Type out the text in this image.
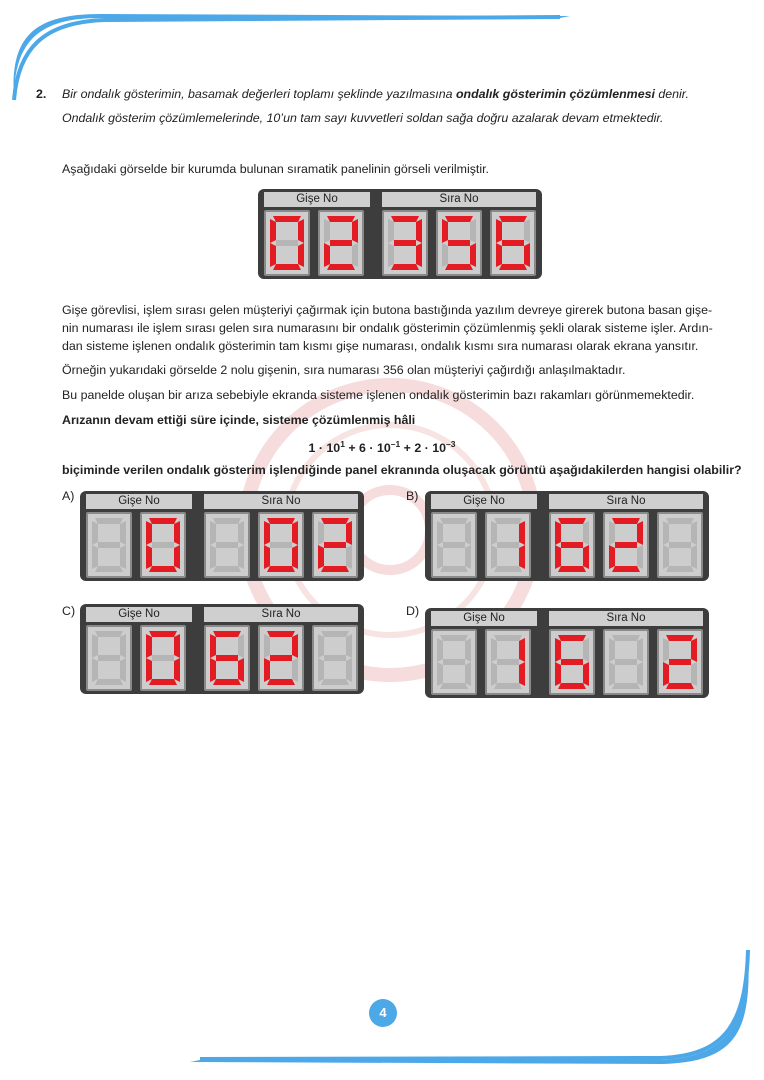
2. Bir ondalık gösterimin, basamak değerleri toplamı şeklinde yazılmasına ondalık gösterimin çözümlenmesi denir.
Ondalık gösterim çözümlemelerinde, 10’un tam sayı kuvvetleri soldan sağa doğru azalarak devam etmektedir.
Aşağıdaki görselde bir kurumda bulunan sıramatik panelinin görseli verilmiştir.
Gişe No	Sıra No
Gişe görevlisi, işlem sırası gelen müşteriyi çağırmak için butona bastığında yazılım devreye girerek butona basan gişe-
nin numarası ile işlem sırası gelen sıra numarasını bir ondalık gösterimin çözümlenmiş şekli olarak sisteme işler. Ardın-
dan sisteme işlenen ondalık gösterimin tam kısmı gişe numarası, ondalık kısmı sıra numarası olarak ekrana yansıtır.
Örneğin yukarıdaki görselde 2 nolu gişenin, sıra numarası 356 olan müşteriyi çağırdığı anlaşılmaktadır.
Bu panelde oluşan bir arıza sebebiyle ekranda sisteme işlenen ondalık gösterimin bazı rakamları görünmemektedir.
Arızanın devam ettiği süre içinde, sisteme çözümlenmiş hâli
$1 \cdot 10^1 + 6 \cdot 10^{-1} + 2 \cdot 10^{-3}$
biçiminde verilen ondalık gösterim işlendiğinde panel ekranında oluşacak görüntü aşağıdakilerden hangisi olabilir?
A)	Gişe No	Sıra No	B)	Gişe No	Sıra No
C)	Gişe No	Sıra No	D)	Gişe No	Sıra No
4
